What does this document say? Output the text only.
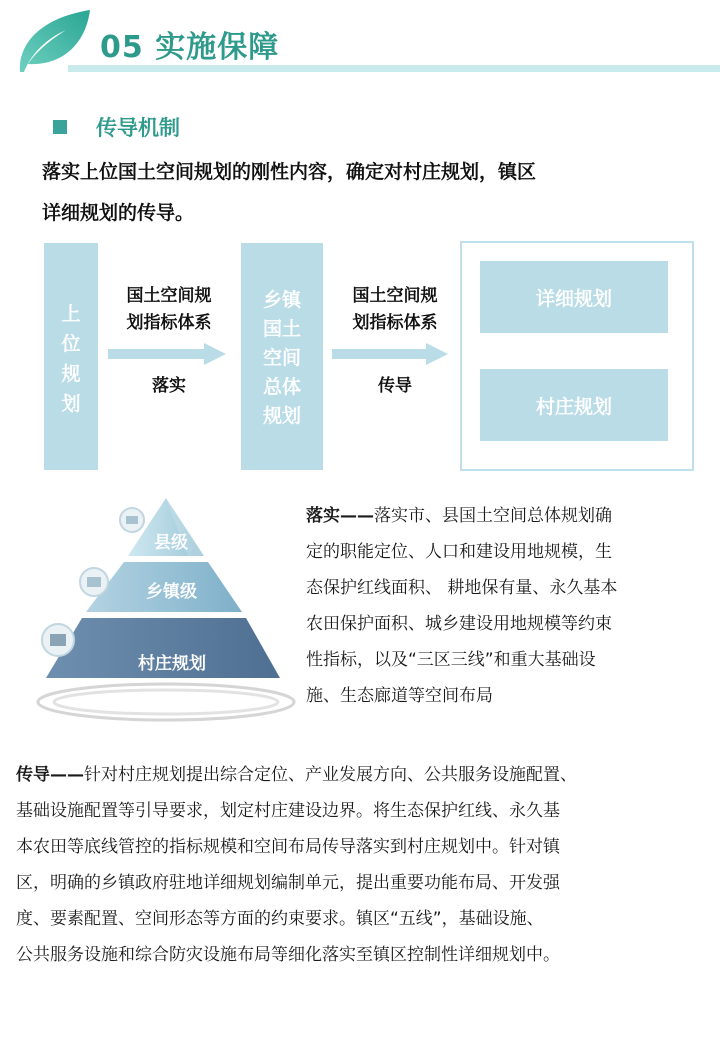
05 实施保障
传导机制
落实上位国土空间规划的刚性内容，确定对村庄规划，镇区
详细规划的传导。
上
位
规
划
国土空间规
划指标体系
落实
乡镇
国土
空间
总体
规划
国土空间规
划指标体系
传导
详细规划
村庄规划
县级
乡镇级
村庄规划
落实——落实市、县国土空间总体规划确
定的职能定位、人口和建设用地规模，生
态保护红线面积、 耕地保有量、永久基本
农田保护面积、城乡建设用地规模等约束
性指标，以及“三区三线”和重大基础设
施、生态廊道等空间布局
传导——针对村庄规划提出综合定位、产业发展方向、公共服务设施配置、
基础设施配置等引导要求，划定村庄建设边界。将生态保护红线、永久基
本农田等底线管控的指标规模和空间布局传导落实到村庄规划中。针对镇
区，明确的乡镇政府驻地详细规划编制单元，提出重要功能布局、开发强
度、要素配置、空间形态等方面的约束要求。镇区“五线”，基础设施、
公共服务设施和综合防灾设施布局等细化落实至镇区控制性详细规划中。
